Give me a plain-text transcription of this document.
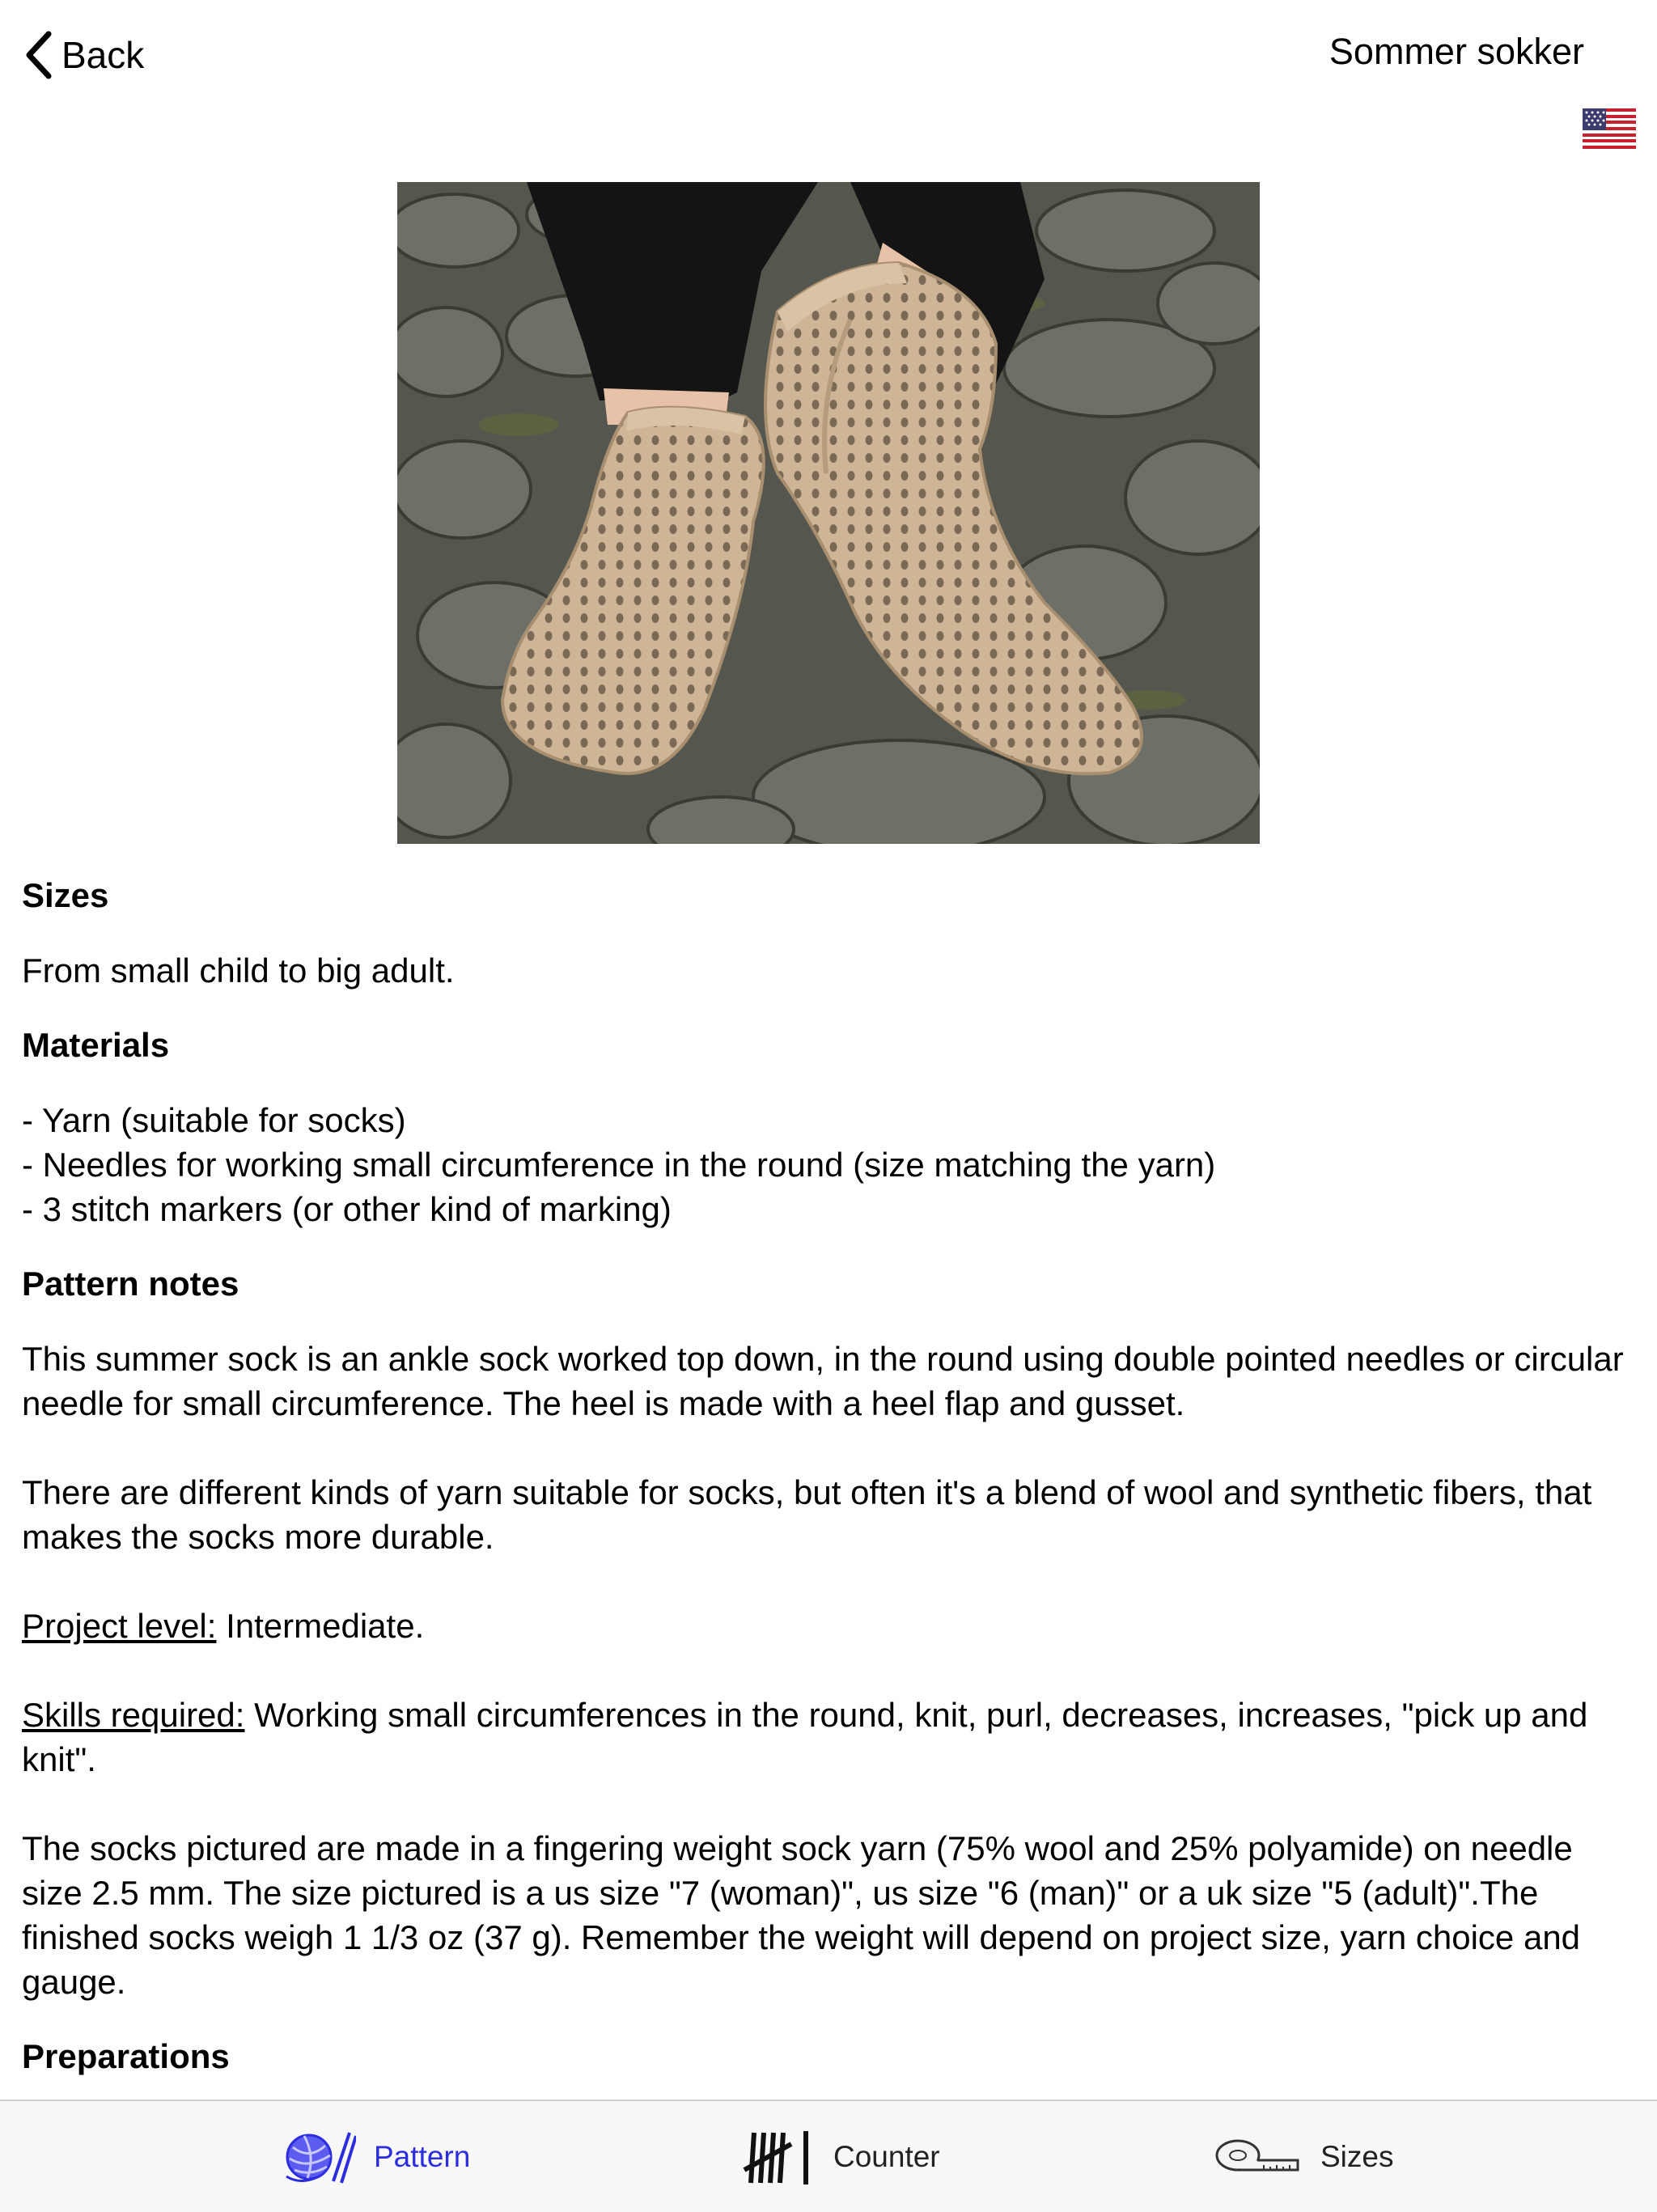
Back	Sommer sokker
Sizes

From small child to big adult.

Materials

- Yarn (suitable for socks)

- Needles for working small circumference in the round (size matching the yarn)

- 3 stitch markers (or other kind of marking)

Pattern notes

This summer sock is an ankle sock worked top down, in the round using double pointed needles or circular needle for small circumference. The heel is made with a heel flap and gusset.

There are different kinds of yarn suitable for socks, but often it's a blend of wool and synthetic fibers, that makes the socks more durable.

Project level: Intermediate.

Skills required: Working small circumferences in the round, knit, purl, decreases, increases, "pick up and knit".

The socks pictured are made in a fingering weight sock yarn (75% wool and 25% polyamide) on needle size 2.5 mm. The size pictured is a us size "7 (woman)", us size "6 (man)" or a uk size "5 (adult)".The finished socks weigh 1 1/3 oz (37 g). Remember the weight will depend on project size, yarn choice and gauge.

Preparations
Pattern	Counter	Sizes
